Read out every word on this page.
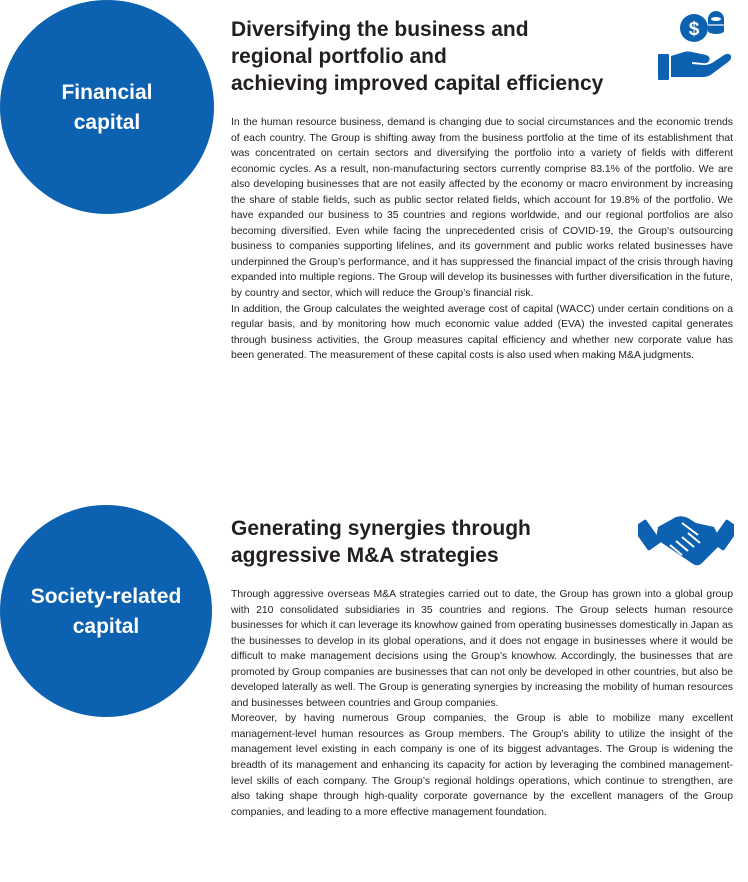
Financial
capital
Diversifying the business and
regional portfolio and
achieving improved capital efficiency
$

In the human resource business, demand is changing due to social circumstances and the economic trends of each country. The Group is shifting away from the business portfolio at the time of its establishment that was concentrated on certain sectors and diversifying the portfolio into a variety of fields with different economic cycles. As a result, non-manufacturing sectors currently comprise 83.1% of the portfolio. We are also developing businesses that are not easily affected by the economy or macro environment by increasing the share of stable fields, such as public sector related fields, which account for 19.8% of the portfolio. We have expanded our business to 35 countries and regions worldwide, and our regional portfolios are also becoming diversified. Even while facing the unprecedented crisis of COVID-19, the Group’s outsourcing business to companies supporting lifelines, and its government and public works related businesses have underpinned the Group’s performance, and it has suppressed the financial impact of the crisis through having expanded into multiple regions. The Group will develop its businesses with further diversification in the future, by country and sector, which will reduce the Group’s financial risk.

In addition, the Group calculates the weighted average cost of capital (WACC) under certain conditions on a regular basis, and by monitoring how much economic value added (EVA) the invested capital generates through business activities, the Group measures capital efficiency and whether new corporate value has been generated. The measurement of these capital costs is also used when making M&A judgments.

Society-related
capital
Generating synergies through
aggressive M&A strategies

Through aggressive overseas M&A strategies carried out to date, the Group has grown into a global group with 210 consolidated subsidiaries in 35 countries and regions. The Group selects human resource businesses for which it can leverage its knowhow gained from operating businesses domestically in Japan as the businesses to develop in its global operations, and it does not engage in businesses where it would be difficult to make management decisions using the Group’s knowhow. Accordingly, the businesses that are promoted by Group companies are businesses that can not only be developed in other countries, but also be developed laterally as well. The Group is generating synergies by increasing the mobility of human resources and businesses between countries and Group companies.

Moreover, by having numerous Group companies, the Group is able to mobilize many excellent management-level human resources as Group members. The Group’s ability to utilize the insight of the management level existing in each company is one of its biggest advantages. The Group is widening the breadth of its management and enhancing its capacity for action by leveraging the combined management-level skills of each company. The Group’s regional holdings operations, which continue to strengthen, are also taking shape through high-quality corporate governance by the excellent managers of the Group companies, and leading to a more effective management foundation.
